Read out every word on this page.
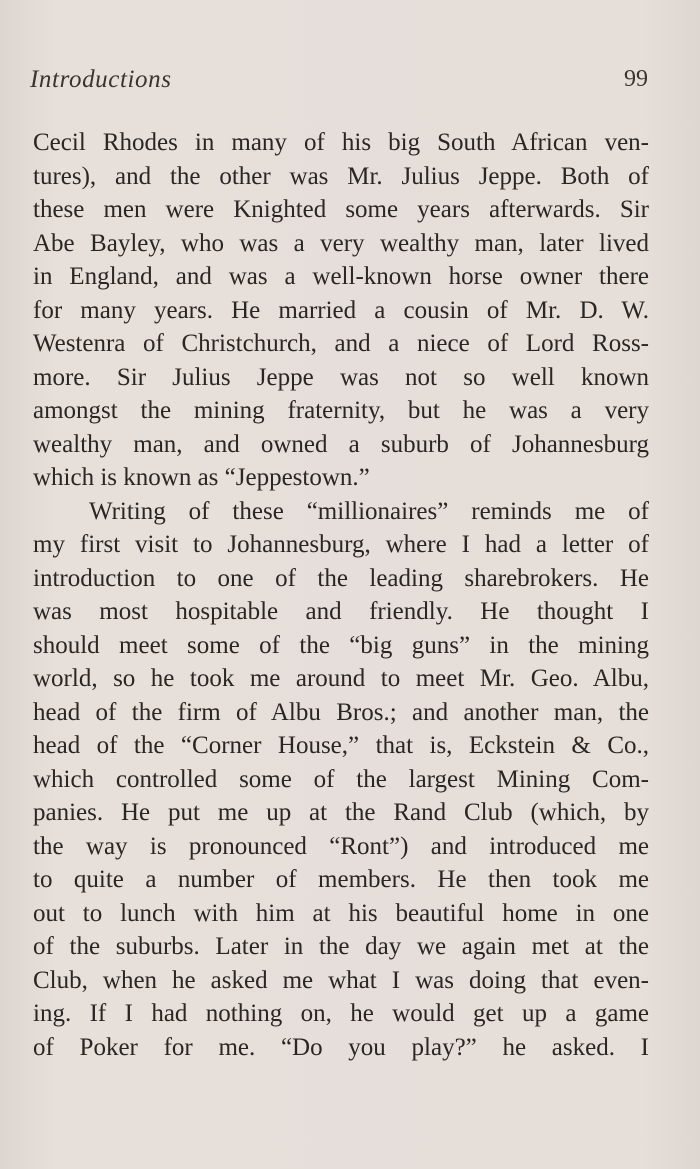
Introductions	99
Cecil Rhodes in many of his big South African ven-
tures), and the other was Mr. Julius Jeppe. Both of
these men were Knighted some years afterwards. Sir
Abe Bayley, who was a very wealthy man, later lived
in England, and was a well-known horse owner there
for many years. He married a cousin of Mr. D. W.
Westenra of Christchurch, and a niece of Lord Ross-
more. Sir Julius Jeppe was not so well known
amongst the mining fraternity, but he was a very
wealthy man, and owned a suburb of Johannesburg
which is known as “Jeppestown.”
Writing of these “millionaires” reminds me of
my first visit to Johannesburg, where I had a letter of
introduction to one of the leading sharebrokers. He
was most hospitable and friendly. He thought I
should meet some of the “big guns” in the mining
world, so he took me around to meet Mr. Geo. Albu,
head of the firm of Albu Bros.; and another man, the
head of the “Corner House,” that is, Eckstein & Co.,
which controlled some of the largest Mining Com-
panies. He put me up at the Rand Club (which, by
the way is pronounced “Ront”) and introduced me
to quite a number of members. He then took me
out to lunch with him at his beautiful home in one
of the suburbs. Later in the day we again met at the
Club, when he asked me what I was doing that even-
ing. If I had nothing on, he would get up a game
of Poker for me. “Do you play?” he asked. I
